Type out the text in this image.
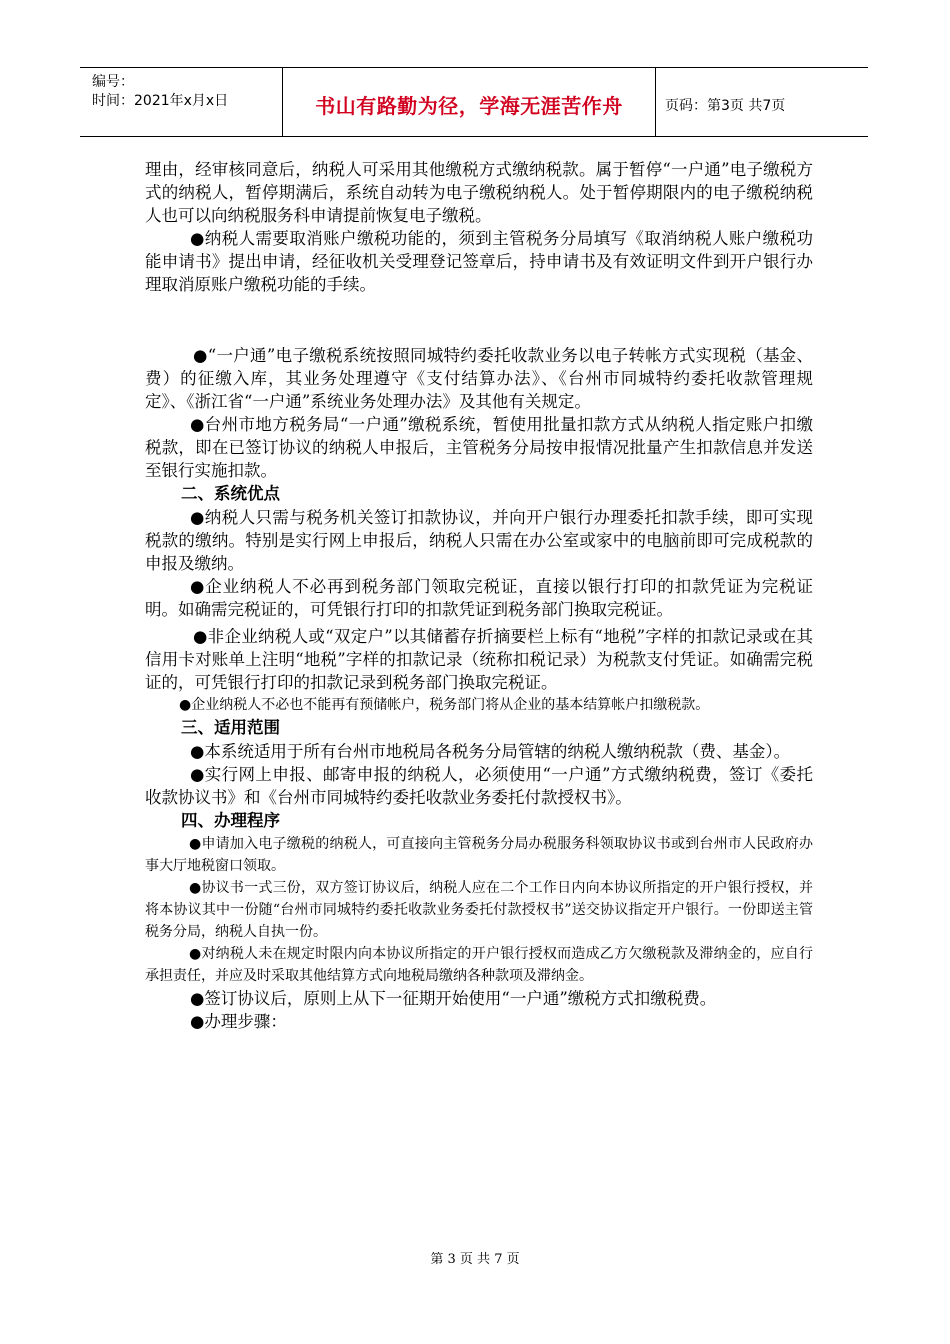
编号：
时间：2021年x月x日	书山有路勤为径，学海无涯苦作舟	页码：第3页 共7页

理由，经审核同意后，纳税人可采用其他缴税方式缴纳税款。属于暂停“一户通”电子缴税方式的纳税人，暂停期满后，系统自动转为电子缴税纳税人。处于暂停期限内的电子缴税纳税人也可以向纳税服务科申请提前恢复电子缴税。

●纳税人需要取消账户缴税功能的，须到主管税务分局填写《取消纳税人账户缴税功能申请书》提出申请，经征收机关受理登记签章后，持申请书及有效证明文件到开户银行办理取消原账户缴税功能的手续。

●“一户通”电子缴税系统按照同城特约委托收款业务以电子转帐方式实现税（基金、费）的征缴入库，其业务处理遵守《支付结算办法》、《台州市同城特约委托收款管理规定》、《浙江省“一户通”系统业务处理办法》及其他有关规定。

●台州市地方税务局“一户通”缴税系统，暂使用批量扣款方式从纳税人指定账户扣缴税款，即在已签订协议的纳税人申报后，主管税务分局按申报情况批量产生扣款信息并发送至银行实施扣款。

二、系统优点

●纳税人只需与税务机关签订扣款协议，并向开户银行办理委托扣款手续，即可实现税款的缴纳。特别是实行网上申报后，纳税人只需在办公室或家中的电脑前即可完成税款的申报及缴纳。

●企业纳税人不必再到税务部门领取完税证，直接以银行打印的扣款凭证为完税证明。如确需完税证的，可凭银行打印的扣款凭证到税务部门换取完税证。

●非企业纳税人或“双定户”以其储蓄存折摘要栏上标有“地税”字样的扣款记录或在其信用卡对账单上注明“地税”字样的扣款记录（统称扣税记录）为税款支付凭证。如确需完税证的，可凭银行打印的扣款记录到税务部门换取完税证。

●企业纳税人不必也不能再有预储帐户，税务部门将从企业的基本结算帐户扣缴税款。

三、适用范围

●本系统适用于所有台州市地税局各税务分局管辖的纳税人缴纳税款（费、基金）。

●实行网上申报、邮寄申报的纳税人，必须使用“一户通”方式缴纳税费，签订《委托收款协议书》和《台州市同城特约委托收款业务委托付款授权书》。

四、办理程序

●申请加入电子缴税的纳税人，可直接向主管税务分局办税服务科领取协议书或到台州市人民政府办事大厅地税窗口领取。

●协议书一式三份，双方签订协议后，纳税人应在二个工作日内向本协议所指定的开户银行授权，并将本协议其中一份随“台州市同城特约委托收款业务委托付款授权书”送交协议指定开户银行。一份即送主管税务分局，纳税人自执一份。

●对纳税人未在规定时限内向本协议所指定的开户银行授权而造成乙方欠缴税款及滞纳金的，应自行承担责任，并应及时采取其他结算方式向地税局缴纳各种款项及滞纳金。

●签订协议后，原则上从下一征期开始使用“一户通”缴税方式扣缴税费。

●办理步骤：

第 3 页 共 7 页
